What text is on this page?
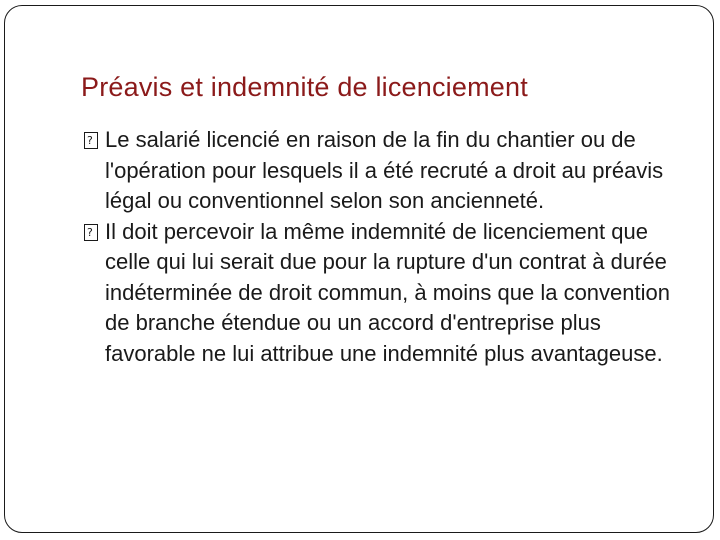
Préavis et indemnité de licenciement

?
Le salarié licencié en raison de la fin du chantier ou de l'opération pour lesquels il a été recruté a droit au préavis légal ou conventionnel selon son ancienneté.

?
Il doit percevoir la même indemnité de licenciement que celle qui lui serait due pour la rupture d'un contrat à durée indéterminée de droit commun, à moins que la convention de branche étendue ou un accord d'entreprise plus favorable ne lui attribue une indemnité plus avantageuse.
